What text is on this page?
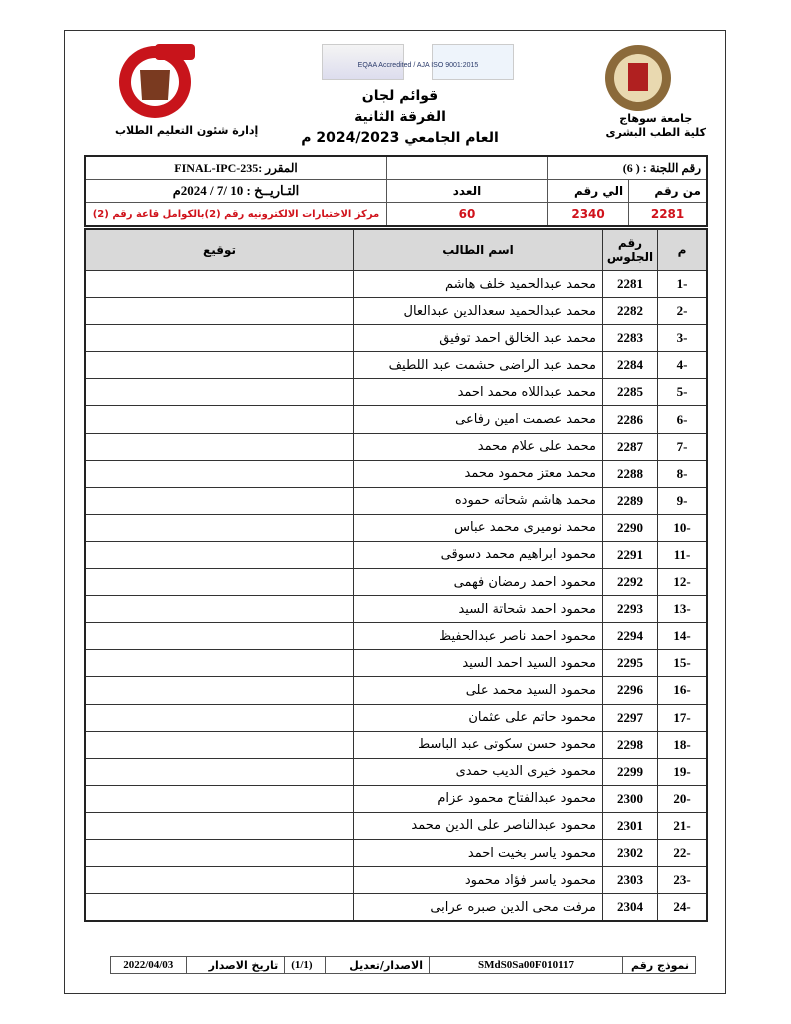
EQAA Accredited / AJA ISO 9001:2015
جامعة سوهاج
كلية الطب البشرى
إدارة شئون التعليم الطلاب
قوائم لجان
الفرقة الثانية
العام الجامعي 2024/2023 م
رقم اللجنة : ( 6)			المقرر :FINAL-IPC-235
من رقم	الي رقم	العدد	التـاريــخ : 10 /7 / 2024م
2281	2340	60	مركز الاختبارات الالكترونيه رقم (2)بالكوامل قاعة رقم (2)
م	رقم الجلوس	اسم الطالب	توقيع
1-	2281	محمد عبدالحميد خلف هاشم	
2-	2282	محمد عبدالحميد سعدالدين عبدالعال	
3-	2283	محمد عبد الخالق احمد توفيق	
4-	2284	محمد عبد الراضى حشمت عبد اللطيف	
5-	2285	محمد عبداللاه محمد احمد	
6-	2286	محمد عصمت امين رفاعى	
7-	2287	محمد على علام محمد	
8-	2288	محمد معتز محمود محمد	
9-	2289	محمد هاشم شحاته حموده	
10-	2290	محمد نوميرى محمد عباس	
11-	2291	محمود ابراهيم محمد دسوقى	
12-	2292	محمود احمد رمضان فهمى	
13-	2293	محمود احمد شحاتة السيد	
14-	2294	محمود احمد ناصر عبدالحفيظ	
15-	2295	محمود السيد احمد السيد	
16-	2296	محمود السيد محمد على	
17-	2297	محمود حاتم على عثمان	
18-	2298	محمود حسن سكوتى عبد الباسط	
19-	2299	محمود خيرى الديب حمدى	
20-	2300	محمود عبدالفتاح محمود عزام	
21-	2301	محمود عبدالناصر على الدين محمد	
22-	2302	محمود ياسر بخيت احمد	
23-	2303	محمود ياسر فؤاد محمود	
24-	2304	مرفت محى الدين صبره عرابى	
نموذج رقم	SMdS0Sa00F010117	الاصدار/تعديل	(1/1)	تاريخ الاصدار	2022/04/03
